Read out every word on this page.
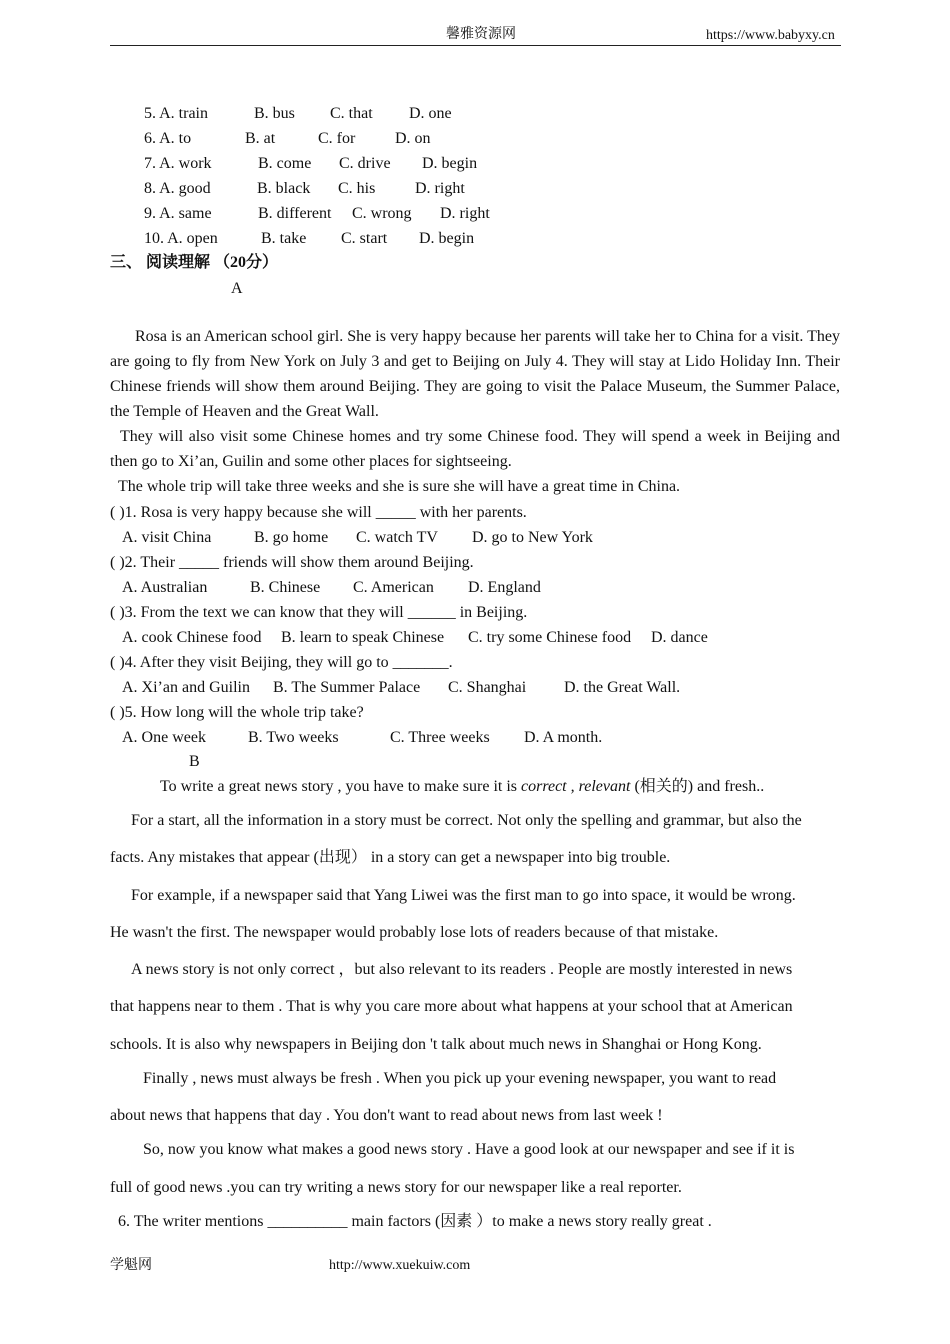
馨雅资源网	https://www.babyxy.cn
5. A. train	B. bus C. that D. one
6. A. to	B. at	C. for D. on
7. A. work	B. come C. drive D. begin
8. A. good	B. black C. his D. right
9. A. same	B. different C. wrong D. right
10. A. open	B. take C. start D. begin
三、 阅读理解 （20分）
A
Rosa is an American school girl. She is very happy because her parents will take her to China for a visit. They are going to fly from New York on July 3 and get to Beijing on July 4. They will stay at Lido Holiday Inn. Their Chinese friends will show them around Beijing. They are going to visit the Palace Museum, the Summer Palace, the Temple of Heaven and the Great Wall.
They will also visit some Chinese homes and try some Chinese food. They will spend a week in Beijing and then go to Xi’an, Guilin and some other places for sightseeing.
The whole trip will take three weeks and she is sure she will have a great time in China.
( )1. Rosa is very happy because she will _____ with her parents.
A. visit China	B. go home C. watch TV D. go to New York
( )2. Their _____ friends will show them around Beijing.
A. Australian	B. Chinese C. American D. England
( )3. From the text we can know that they will ______ in Beijing.
A. cook Chinese food B. learn to speak Chinese C. try some Chinese food D. dance
( )4. After they visit Beijing, they will go to _______.
A. Xi’an and Guilin B. The Summer Palace C. Shanghai D. the Great Wall.
( )5. How long will the whole trip take?
A. One week	B. Two weeks	C. Three weeks D. A month.
B
To write a great news story , you have to make sure it is correct , relevant (相关的) and fresh..
For a start, all the information in a story must be correct. Not only the spelling and grammar, but also the
facts. Any mistakes that appear (出现） in a story can get a newspaper into big trouble.
For example, if a newspaper said that Yang Liwei was the first man to go into space, it would be wrong.
He wasn't the first. The newspaper would probably lose lots of readers because of that mistake.
A news story is not only correct ，but also relevant to its readers . People are mostly interested in news
that happens near to them . That is why you care more about what happens at your school that at American
schools. It is also why newspapers in Beijing don 't talk about much news in Shanghai or Hong Kong.
Finally , news must always be fresh . When you pick up your evening newspaper, you want to read
about news that happens that day . You don't want to read about news from last week !
So, now you know what makes a good news story . Have a good look at our newspaper and see if it is
full of good news .you can try writing a news story for our newspaper like a real reporter.
6. The writer mentions __________ main factors (因素 ）to make a news story really great .
学魁网	http://www.xuekuiw.com
